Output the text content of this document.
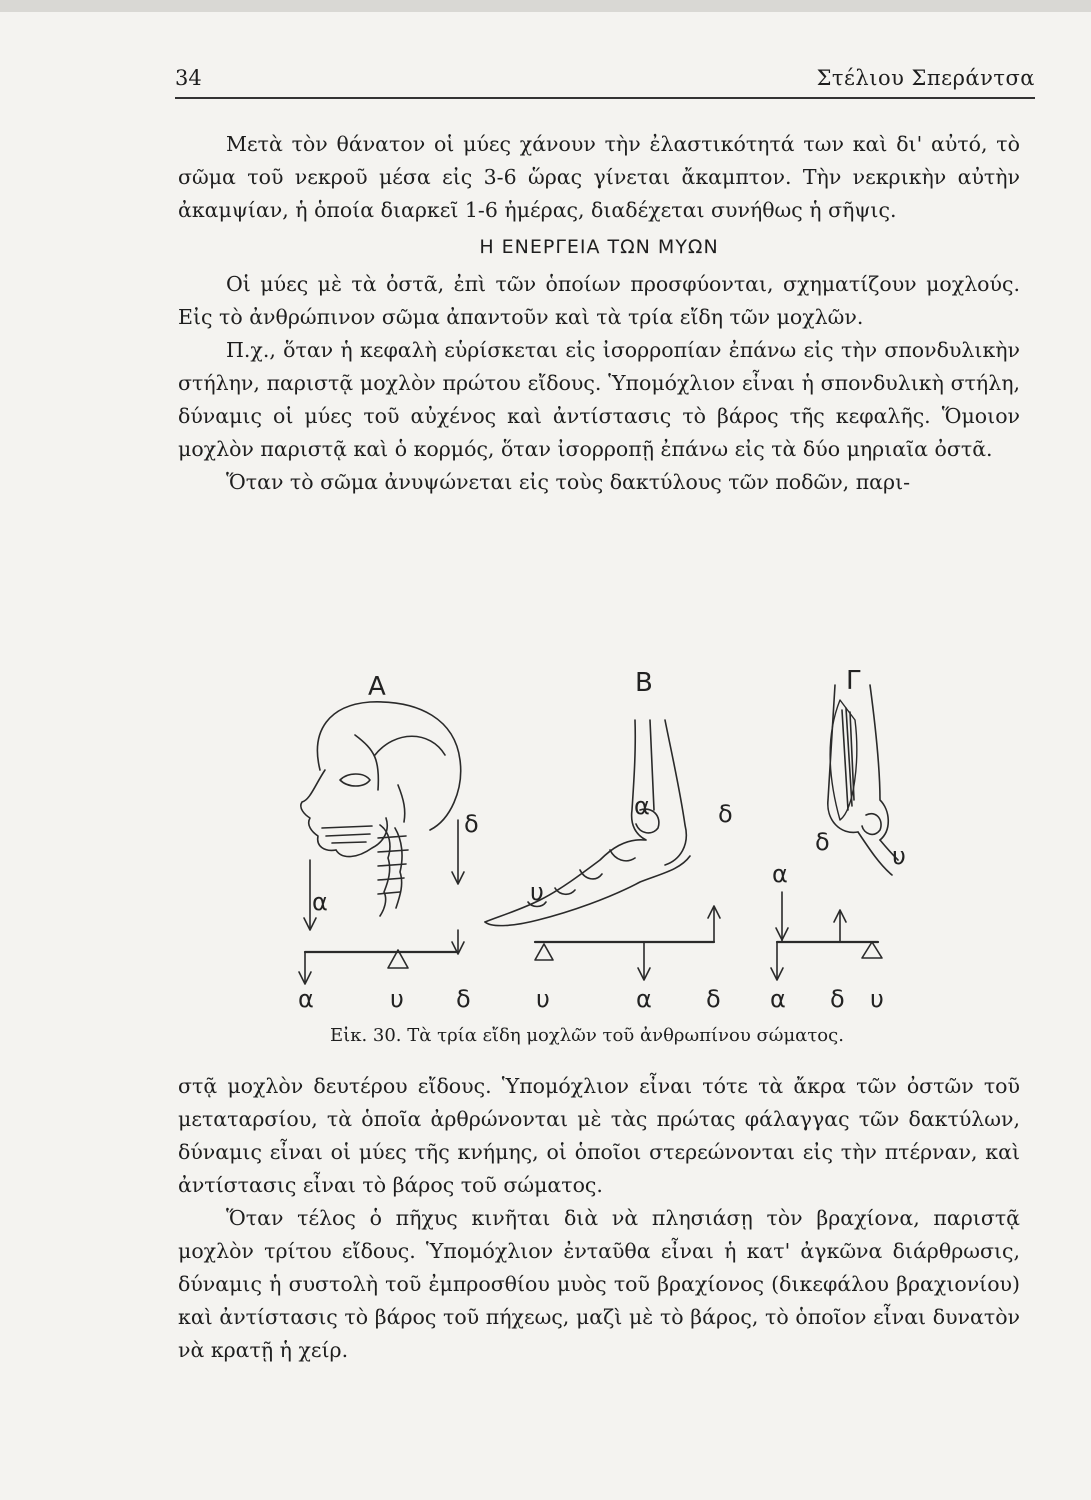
34	Στέλιου Σπεράντσα

Μετὰ τὸν θάνατον οἱ μύες χάνουν τὴν ἐλαστικότητά των καὶ δι' αὐτό, τὸ σῶμα τοῦ νεκροῦ μέσα εἰς 3-6 ὥρας γίνεται ἄκαμπτον. Τὴν νεκρικὴν αὐτὴν ἀκαμψίαν, ἡ ὁποία διαρκεῖ 1-6 ἡμέρας, διαδέχεται συνήθως ἡ σῆψις.

Η ΕΝΕΡΓΕΙΑ ΤΩΝ ΜΥΩΝ

Οἱ μύες μὲ τὰ ὀστᾶ, ἐπὶ τῶν ὁποίων προσφύονται, σχηματίζουν μοχλούς. Εἰς τὸ ἀνθρώπινον σῶμα ἀπαντοῦν καὶ τὰ τρία εἴδη τῶν μοχλῶν.

Π.χ., ὅταν ἡ κεφαλὴ εὑρίσκεται εἰς ἰσορροπίαν ἐπάνω εἰς τὴν σπονδυλικὴν στήλην, παριστᾷ μοχλὸν πρώτου εἴδους. Ὑπομόχλιον εἶναι ἡ σπονδυλικὴ στήλη, δύναμις οἱ μύες τοῦ αὐχένος καὶ ἀντίστασις τὸ βάρος τῆς κεφαλῆς. Ὅμοιον μοχλὸν παριστᾷ καὶ ὁ κορμός, ὅταν ἰσορροπῇ ἐπάνω εἰς τὰ δύο μηριαῖα ὀστᾶ.

Ὅταν τὸ σῶμα ἀνυψώνεται εἰς τοὺς δακτύλους τῶν ποδῶν, παρι-

Α	Β	Γ
α
δ
α	υ δ
α	δ
υ
υ	α δ
α
δ	υ
α δ υ
Εἰκ. 30. Τὰ τρία εἴδη μοχλῶν τοῦ ἀνθρωπίνου σώματος.

στᾷ μοχλὸν δευτέρου εἴδους. Ὑπομόχλιον εἶναι τότε τὰ ἄκρα τῶν ὀστῶν τοῦ μεταταρσίου, τὰ ὁποῖα ἀρθρώνονται μὲ τὰς πρώτας φάλαγγας τῶν δακτύλων, δύναμις εἶναι οἱ μύες τῆς κνήμης, οἱ ὁποῖοι στερεώνονται εἰς τὴν πτέρναν, καὶ ἀντίστασις εἶναι τὸ βάρος τοῦ σώματος.

Ὅταν τέλος ὁ πῆχυς κινῆται διὰ νὰ πλησιάσῃ τὸν βραχίονα, παριστᾷ μοχλὸν τρίτου εἴδους. Ὑπομόχλιον ἐνταῦθα εἶναι ἡ κατ' ἀγκῶνα διάρθρωσις, δύναμις ἡ συστολὴ τοῦ ἐμπροσθίου μυὸς τοῦ βραχίονος (δικεφάλου βραχιονίου) καὶ ἀντίστασις τὸ βάρος τοῦ πήχεως, μαζὶ μὲ τὸ βάρος, τὸ ὁποῖον εἶναι δυνατὸν νὰ κρατῇ ἡ χείρ.
